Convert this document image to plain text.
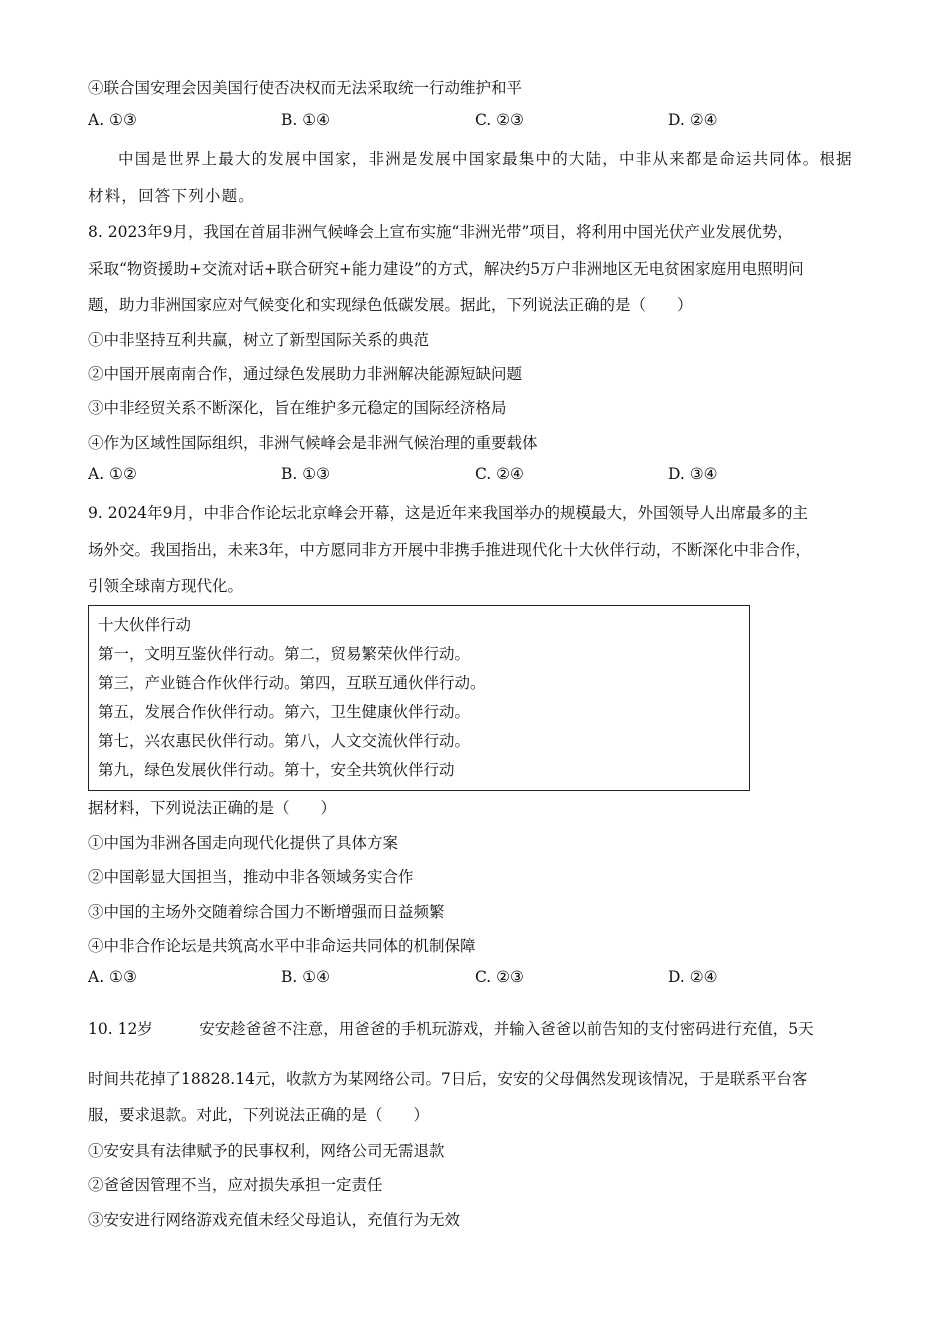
④联合国安理会因美国行使否决权而无法采取统一行动维护和平
A. ①③	B. ①④	C. ②③	D. ②④
中国是世界上最大的发展中国家，非洲是发展中国家最集中的大陆，中非从来都是命运共同体。根据
材料，回答下列小题。
8. 2023年9月，我国在首届非洲气候峰会上宣布实施“非洲光带”项目，将利用中国光伏产业发展优势，
采取“物资援助+交流对话+联合研究+能力建设”的方式，解决约5万户非洲地区无电贫困家庭用电照明问
题，助力非洲国家应对气候变化和实现绿色低碳发展。据此，下列说法正确的是（　　）
①中非坚持互利共赢，树立了新型国际关系的典范
②中国开展南南合作，通过绿色发展助力非洲解决能源短缺问题
③中非经贸关系不断深化，旨在维护多元稳定的国际经济格局
④作为区域性国际组织，非洲气候峰会是非洲气候治理的重要载体
A. ①②	B. ①③	C. ②④	D. ③④
9. 2024年9月，中非合作论坛北京峰会开幕，这是近年来我国举办的规模最大，外国领导人出席最多的主
场外交。我国指出，未来3年，中方愿同非方开展中非携手推进现代化十大伙伴行动，不断深化中非合作，
引领全球南方现代化。
十大伙伴行动
第一，文明互鉴伙伴行动。第二，贸易繁荣伙伴行动。
第三，产业链合作伙伴行动。第四，互联互通伙伴行动。
第五，发展合作伙伴行动。第六，卫生健康伙伴行动。
第七，兴农惠民伙伴行动。第八，人文交流伙伴行动。
第九，绿色发展伙伴行动。第十，安全共筑伙伴行动
据材料，下列说法正确的是（　　）
①中国为非洲各国走向现代化提供了具体方案
②中国彰显大国担当，推动中非各领域务实合作
③中国的主场外交随着综合国力不断增强而日益频繁
④中非合作论坛是共筑高水平中非命运共同体的机制保障
A. ①③	B. ①④	C. ②③	D. ②④
10. 12岁　　　安安趁爸爸不注意，用爸爸的手机玩游戏，并输入爸爸以前告知的支付密码进行充值，5天
时间共花掉了18828.14元，收款方为某网络公司。7日后，安安的父母偶然发现该情况，于是联系平台客
服，要求退款。对此，下列说法正确的是（　　）
①安安具有法律赋予的民事权利，网络公司无需退款
②爸爸因管理不当，应对损失承担一定责任
③安安进行网络游戏充值未经父母追认，充值行为无效
